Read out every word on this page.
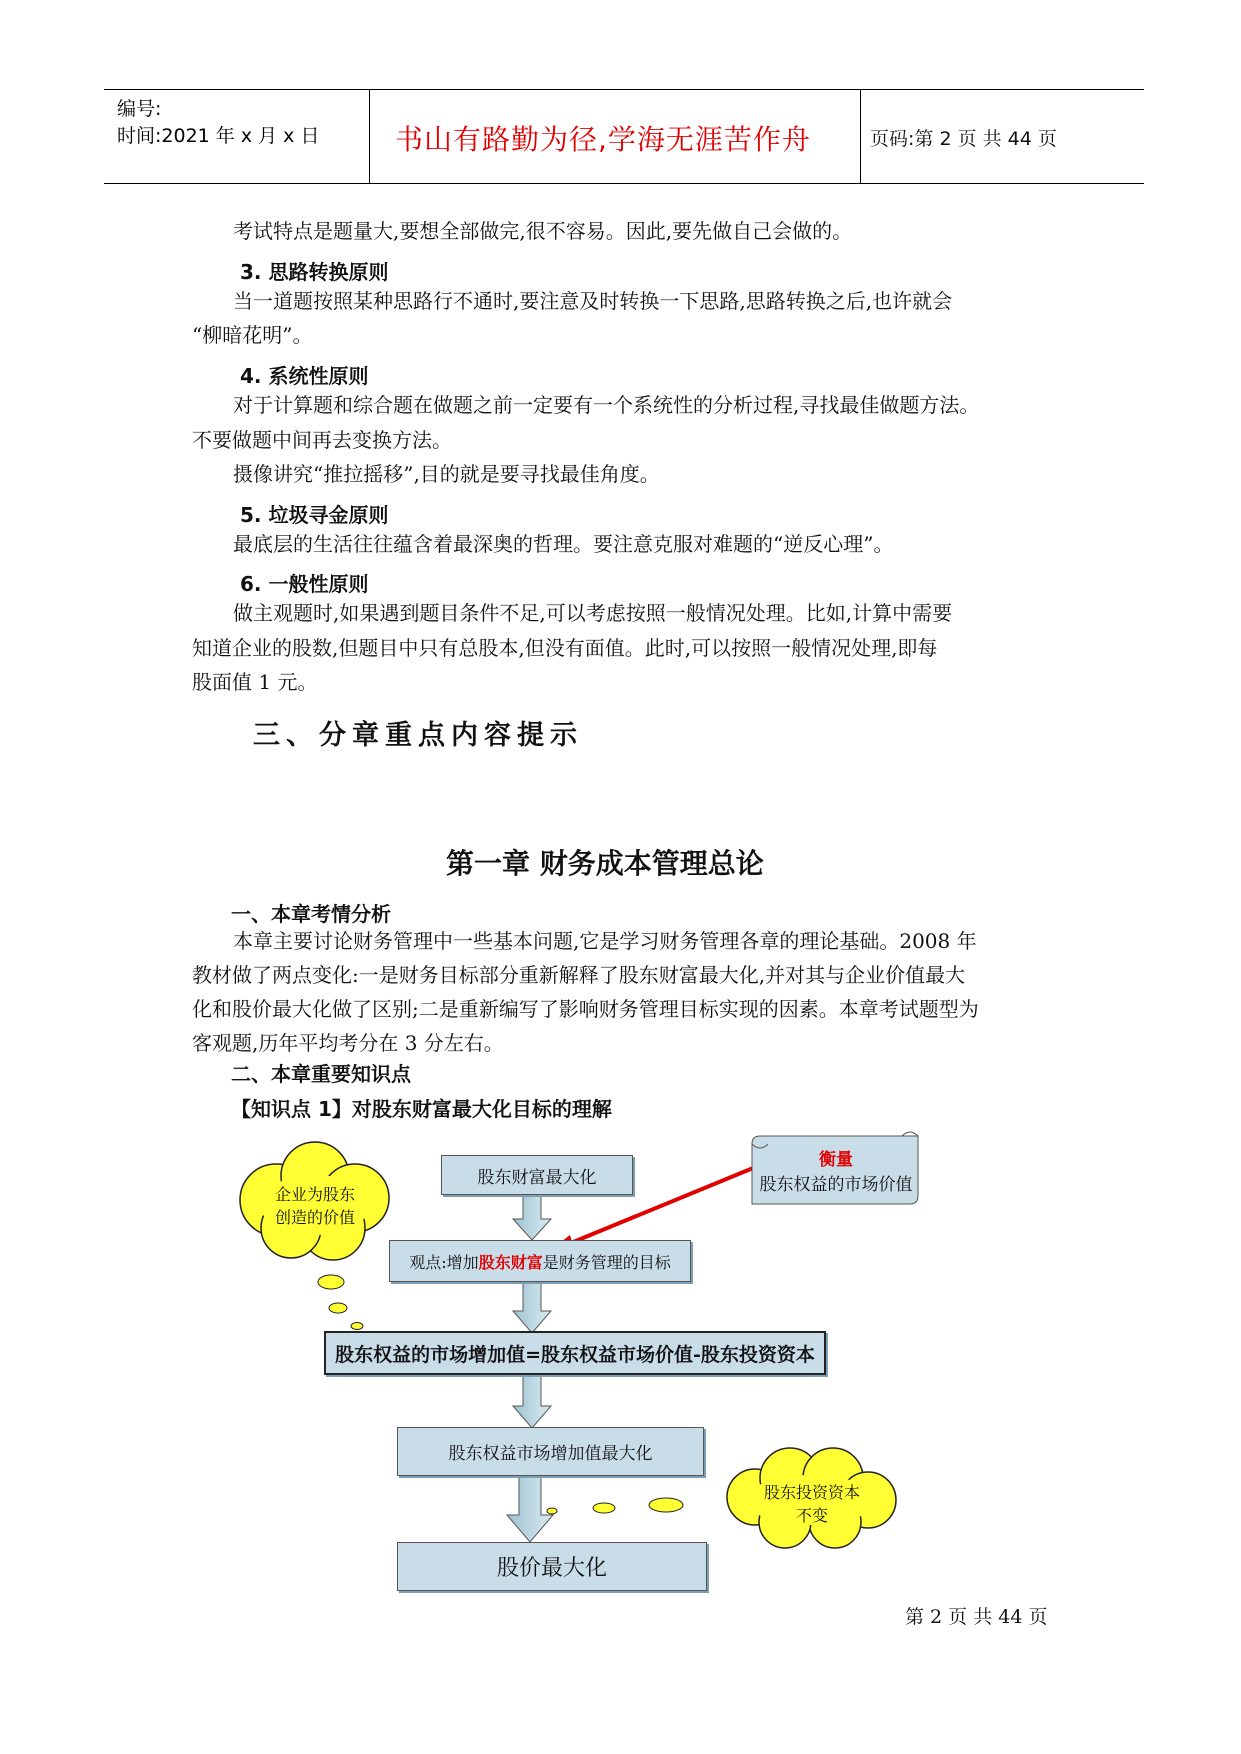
编号:
时间:2021 年 x 月 x 日	书山有路勤为径,学海无涯苦作舟	页码:第 2 页 共 44 页
考试特点是题量大,要想全部做完,很不容易。因此,要先做自己会做的。
3. 思路转换原则
当一道题按照某种思路行不通时,要注意及时转换一下思路,思路转换之后,也许就会
“柳暗花明”。
4. 系统性原则
对于计算题和综合题在做题之前一定要有一个系统性的分析过程,寻找最佳做题方法。
不要做题中间再去变换方法。
摄像讲究“推拉摇移”,目的就是要寻找最佳角度。
5. 垃圾寻金原则
最底层的生活往往蕴含着最深奥的哲理。要注意克服对难题的“逆反心理”。
6. 一般性原则
做主观题时,如果遇到题目条件不足,可以考虑按照一般情况处理。比如,计算中需要
知道企业的股数,但题目中只有总股本,但没有面值。此时,可以按照一般情况处理,即每
股面值 1 元。
三、分章重点内容提示
第一章 财务成本管理总论
一、本章考情分析
本章主要讨论财务管理中一些基本问题,它是学习财务管理各章的理论基础。2008 年
教材做了两点变化:一是财务目标部分重新解释了股东财富最大化,并对其与企业价值最大
化和股价最大化做了区别;二是重新编写了影响财务管理目标实现的因素。本章考试题型为
客观题,历年平均考分在 3 分左右。
二、本章重要知识点
【知识点 1】对股东财富最大化目标的理解
股东财富最大化
衡量
股东权益的市场价值
企业为股东
创造的价值
观点:增加 股东财富 是财务管理的目标
股东权益的市场增加值=股东权益市场价值-股东投资资本
股东权益市场增加值最大化
股东投资资本
不变
股价最大化
第 2 页 共 44 页
